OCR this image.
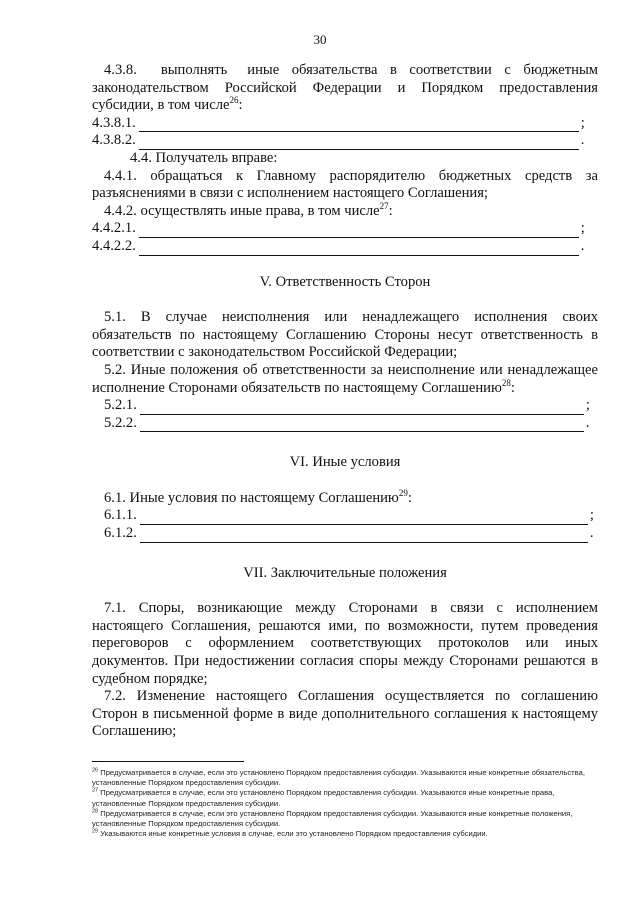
30
4.3.8. выполнять иные обязательства в соответствии с бюджетным законодательством Российской Федерации и Порядком предоставления субсидии, в том числе$^{26}$:
4.3.8.1.	;
4.3.8.2.	.
4.4. Получатель вправе:
4.4.1. обращаться к Главному распорядителю бюджетных средств за разъяснениями в связи с исполнением настоящего Соглашения;
4.4.2. осуществлять иные права, в том числе$^{27}$:
4.4.2.1.	;
4.4.2.2.	.
V. Ответственность Сторон
5.1. В случае неисполнения или ненадлежащего исполнения своих обязательств по настоящему Соглашению Стороны несут ответственность в соответствии с законодательством Российской Федерации;
5.2. Иные положения об ответственности за неисполнение или ненадлежащее исполнение Сторонами обязательств по настоящему Соглашению$^{28}$:
5.2.1.	;
5.2.2.	.
VI. Иные условия
6.1. Иные условия по настоящему Соглашению$^{29}$:
6.1.1.	;
6.1.2.	.
VII. Заключительные положения
7.1. Споры, возникающие между Сторонами в связи с исполнением настоящего Соглашения, решаются ими, по возможности, путем проведения переговоров с оформлением соответствующих протоколов или иных документов. При недостижении согласия споры между Сторонами решаются в судебном порядке;
7.2. Изменение настоящего Соглашения осуществляется по соглашению Сторон в письменной форме в виде дополнительного соглашения к настоящему Соглашению;
$^{26}$ Предусматривается в случае, если это установлено Порядком предоставления субсидии. Указываются иные конкретные обязательства, установленные Порядком предоставления субсидии.
$^{27}$ Предусматривается в случае, если это установлено Порядком предоставления субсидии. Указываются иные конкретные права, установленные Порядком предоставления субсидии.
$^{28}$ Предусматривается в случае, если это установлено Порядком предоставления субсидии. Указываются иные конкретные положения, установленные Порядком предоставления субсидии.
$^{29}$ Указываются иные конкретные условия в случае, если это установлено Порядком предоставления субсидии.
